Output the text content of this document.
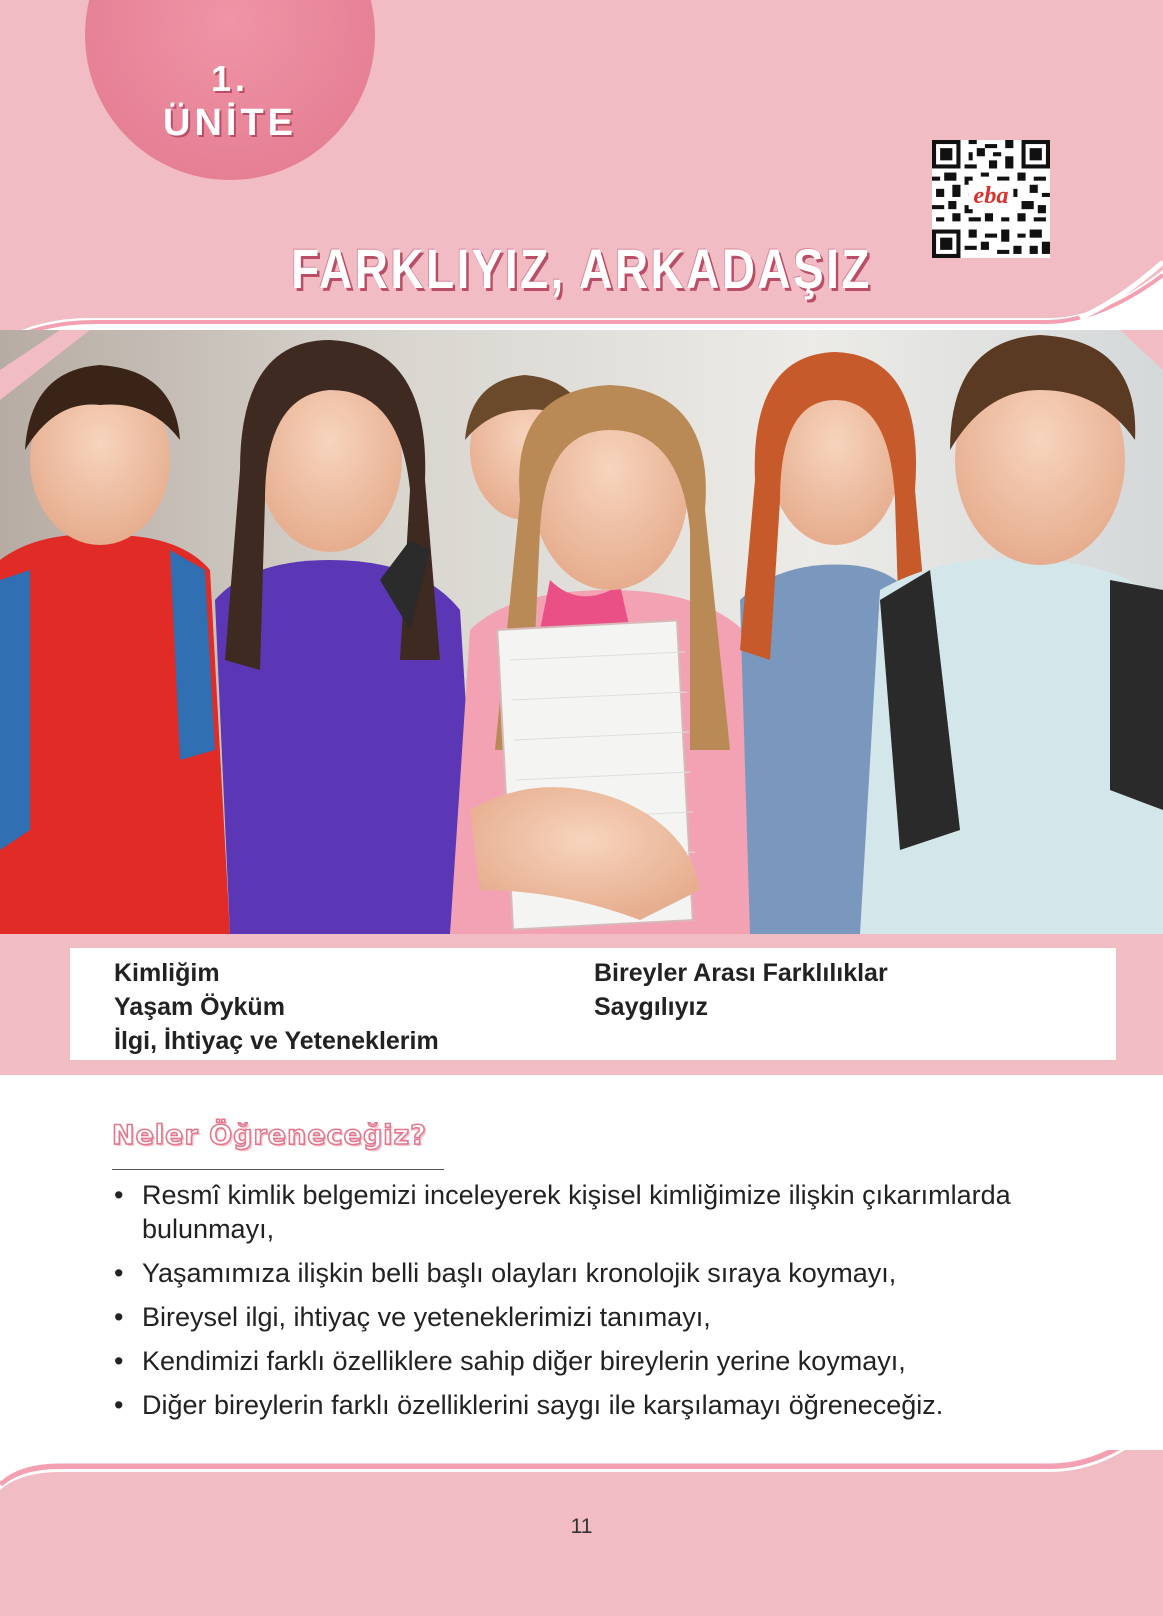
1.
ÜNİTE
eba
FARKLIYIZ, ARKADAŞIZ
Kimliğim
Yaşam Öyküm
İlgi, İhtiyaç ve Yeteneklerim
Bireyler Arası Farklılıklar
Saygılıyız
Neler Öğreneceğiz?
• Resmî kimlik belgemizi inceleyerek kişisel kimliğimize ilişkin çıkarımlarda bulunmayı,
• Yaşamımıza ilişkin belli başlı olayları kronolojik sıraya koymayı,
• Bireysel ilgi, ihtiyaç ve yeteneklerimizi tanımayı,
• Kendimizi farklı özelliklere sahip diğer bireylerin yerine koymayı,
• Diğer bireylerin farklı özelliklerini saygı ile karşılamayı öğreneceğiz.
11
